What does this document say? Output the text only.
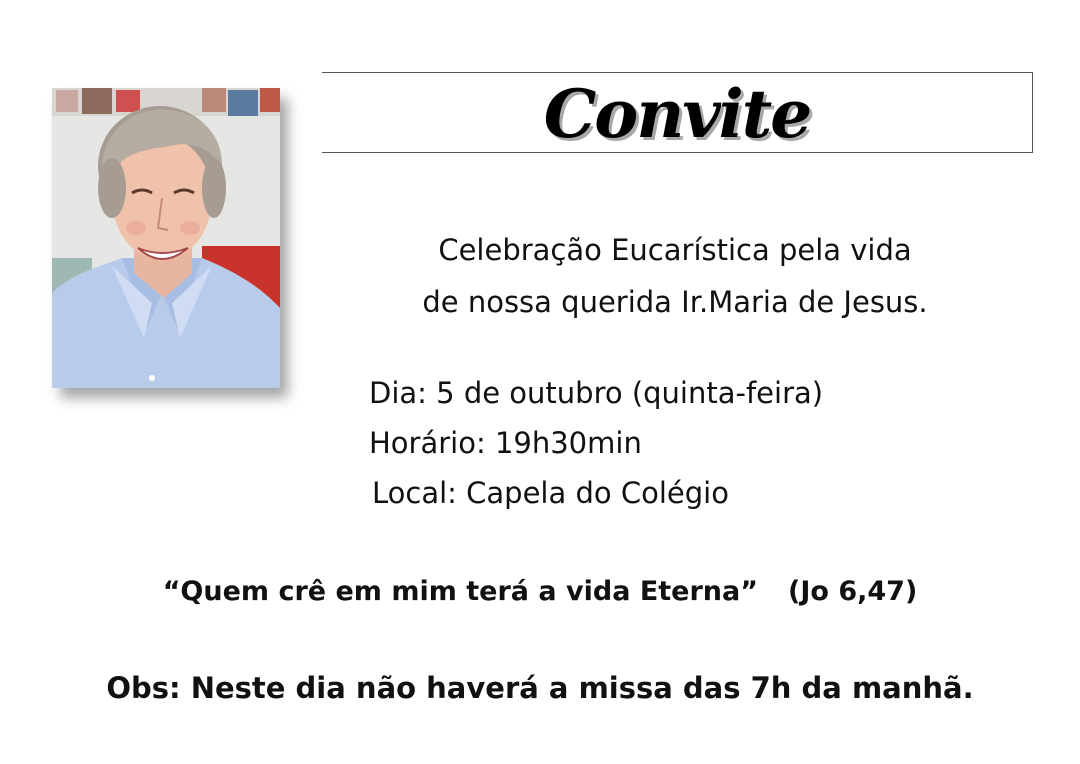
Convite
Celebração Eucarística pela vida
de nossa querida Ir.Maria de Jesus.
Dia: 5 de outubro (quinta-feira)
Horário: 19h30min
Local: Capela do Colégio
“Quem crê em mim terá a vida Eterna” (Jo 6,47)
Obs: Neste dia não haverá a missa das 7h da manhã.
